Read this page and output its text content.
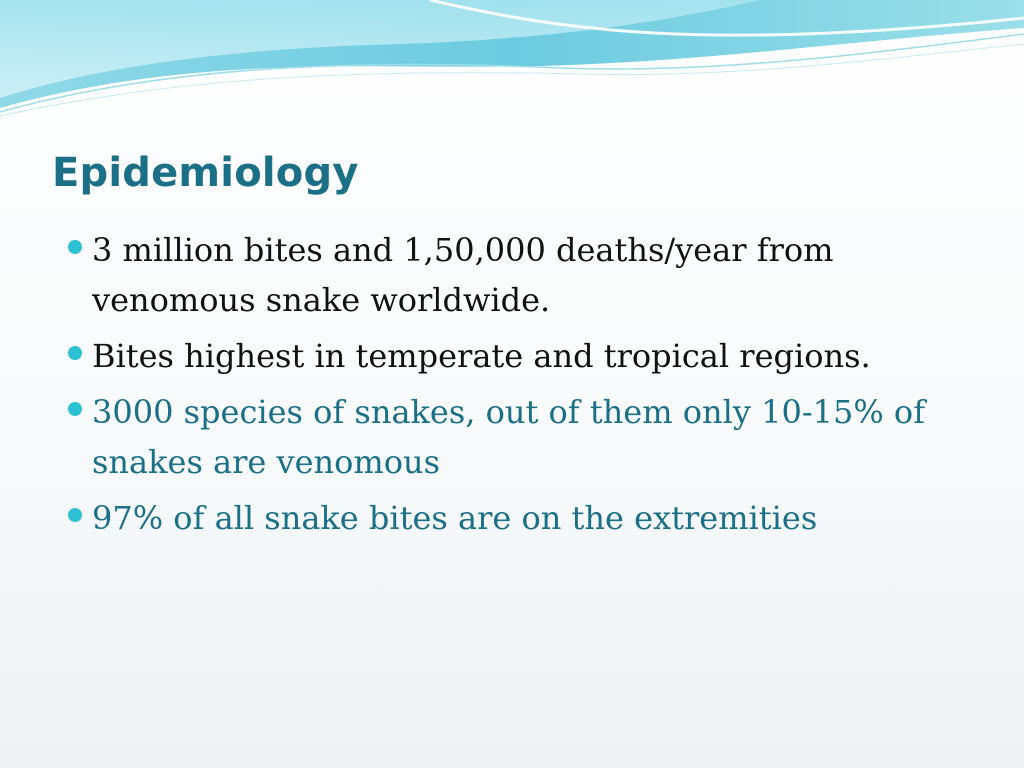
Epidemiology
3 million bites and 1,50,000 deaths/year from venomous snake worldwide.
Bites highest in temperate and tropical regions.
3000 species of snakes, out of them only 10-15% of snakes are venomous
97% of all snake bites are on the extremities
